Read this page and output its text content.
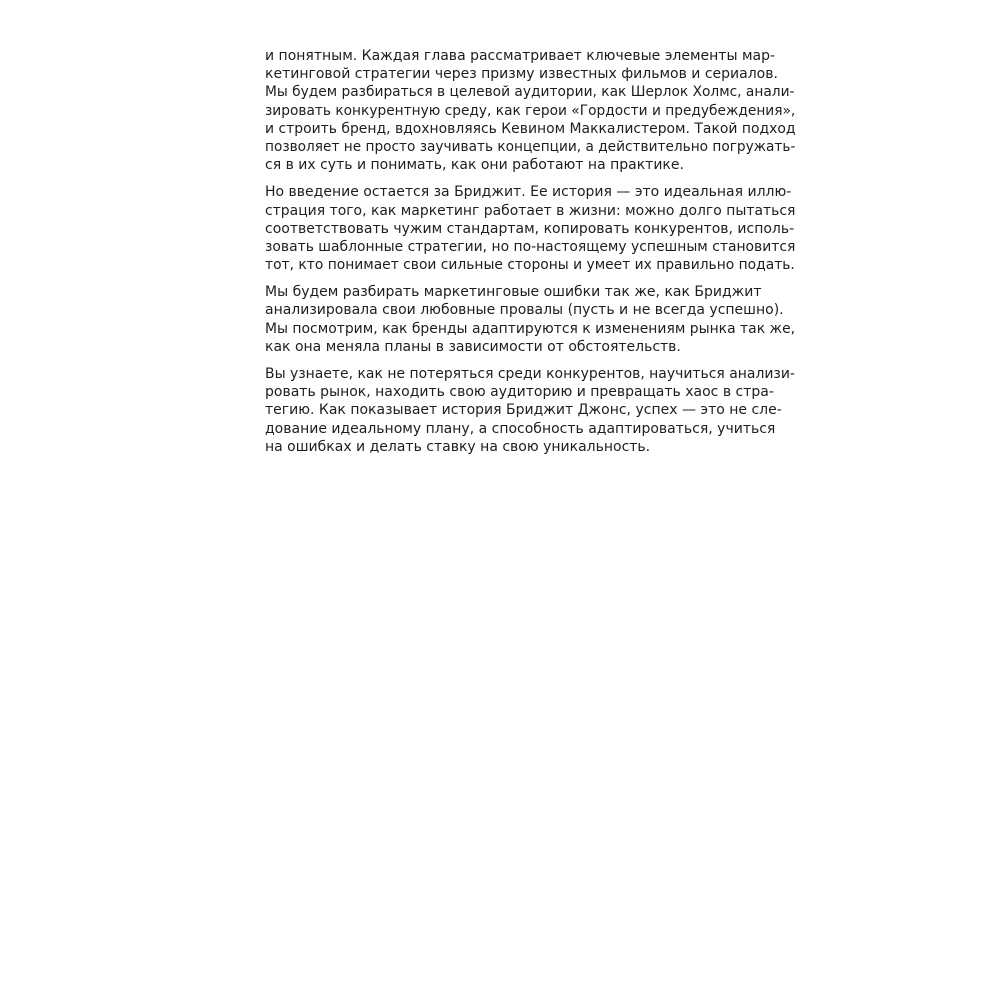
и понятным. Каждая глава рассматривает ключевые элементы мар-
кетинговой стратегии через призму известных фильмов и сериалов.
Мы будем разбираться в целевой аудитории, как Шерлок Холмс, анали-
зировать конкурентную среду, как герои «Гордости и предубеждения»,
и строить бренд, вдохновляясь Кевином Маккалистером. Такой подход
позволяет не просто заучивать концепции, а действительно погружать-
ся в их суть и понимать, как они работают на практике.
Но введение остается за Бриджит. Ее история — это идеальная иллю-
страция того, как маркетинг работает в жизни: можно долго пытаться
соответствовать чужим стандартам, копировать конкурентов, исполь-
зовать шаблонные стратегии, но по-настоящему успешным становится
тот, кто понимает свои сильные стороны и умеет их правильно подать.
Мы будем разбирать маркетинговые ошибки так же, как Бриджит
анализировала свои любовные провалы (пусть и не всегда успешно).
Мы посмотрим, как бренды адаптируются к изменениям рынка так же,
как она меняла планы в зависимости от обстоятельств.
Вы узнаете, как не потеряться среди конкурентов, научиться анализи-
ровать рынок, находить свою аудиторию и превращать хаос в стра-
тегию. Как показывает история Бриджит Джонс, успех — это не сле-
дование идеальному плану, а способность адаптироваться, учиться
на ошибках и делать ставку на свою уникальность.
